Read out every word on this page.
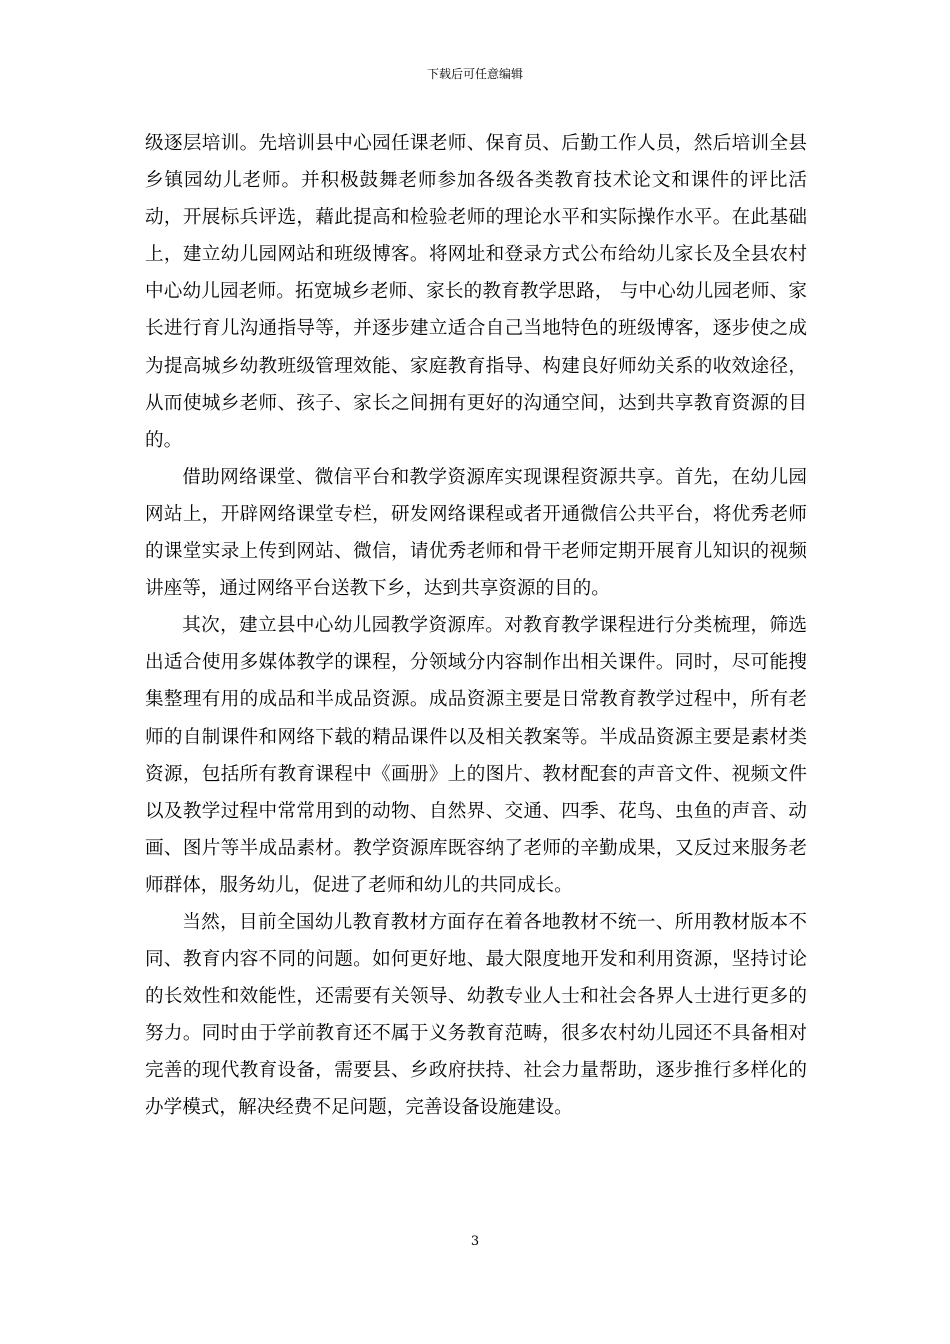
下载后可任意编辑

级逐层培训。先培训县中心园任课老师、保育员、后勤工作人员，然后培训全县乡镇园幼儿老师。并积极鼓舞老师参加各级各类教育技术论文和课件的评比活动，开展标兵评选，藉此提高和检验老师的理论水平和实际操作水平。在此基础上，建立幼儿园网站和班级博客。将网址和登录方式公布给幼儿家长及全县农村中心幼儿园老师。拓宽城乡老师、家长的教育教学思路， 与中心幼儿园老师、家长进行育儿沟通指导等，并逐步建立适合自己当地特色的班级博客，逐步使之成为提高城乡幼教班级管理效能、家庭教育指导、构建良好师幼关系的收效途径，从而使城乡老师、孩子、家长之间拥有更好的沟通空间，达到共享教育资源的目的。

借助网络课堂、微信平台和教学资源库实现课程资源共享。首先，在幼儿园网站上，开辟网络课堂专栏，研发网络课程或者开通微信公共平台，将优秀老师的课堂实录上传到网站、微信，请优秀老师和骨干老师定期开展育儿知识的视频讲座等，通过网络平台送教下乡，达到共享资源的目的。

其次，建立县中心幼儿园教学资源库。对教育教学课程进行分类梳理，筛选出适合使用多媒体教学的课程，分领域分内容制作出相关课件。同时，尽可能搜集整理有用的成品和半成品资源。成品资源主要是日常教育教学过程中，所有老师的自制课件和网络下载的精品课件以及相关教案等。半成品资源主要是素材类资源，包括所有教育课程中《画册》上的图片、教材配套的声音文件、视频文件以及教学过程中常常用到的动物、自然界、交通、四季、花鸟、虫鱼的声音、动画、图片等半成品素材。教学资源库既容纳了老师的辛勤成果，又反过来服务老师群体，服务幼儿，促进了老师和幼儿的共同成长。

当然，目前全国幼儿教育教材方面存在着各地教材不统一、所用教材版本不同、教育内容不同的问题。如何更好地、最大限度地开发和利用资源，坚持讨论的长效性和效能性，还需要有关领导、幼教专业人士和社会各界人士进行更多的努力。同时由于学前教育还不属于义务教育范畴，很多农村幼儿园还不具备相对完善的现代教育设备，需要县、乡政府扶持、社会力量帮助，逐步推行多样化的办学模式，解决经费不足问题，完善设备设施建设。

3
